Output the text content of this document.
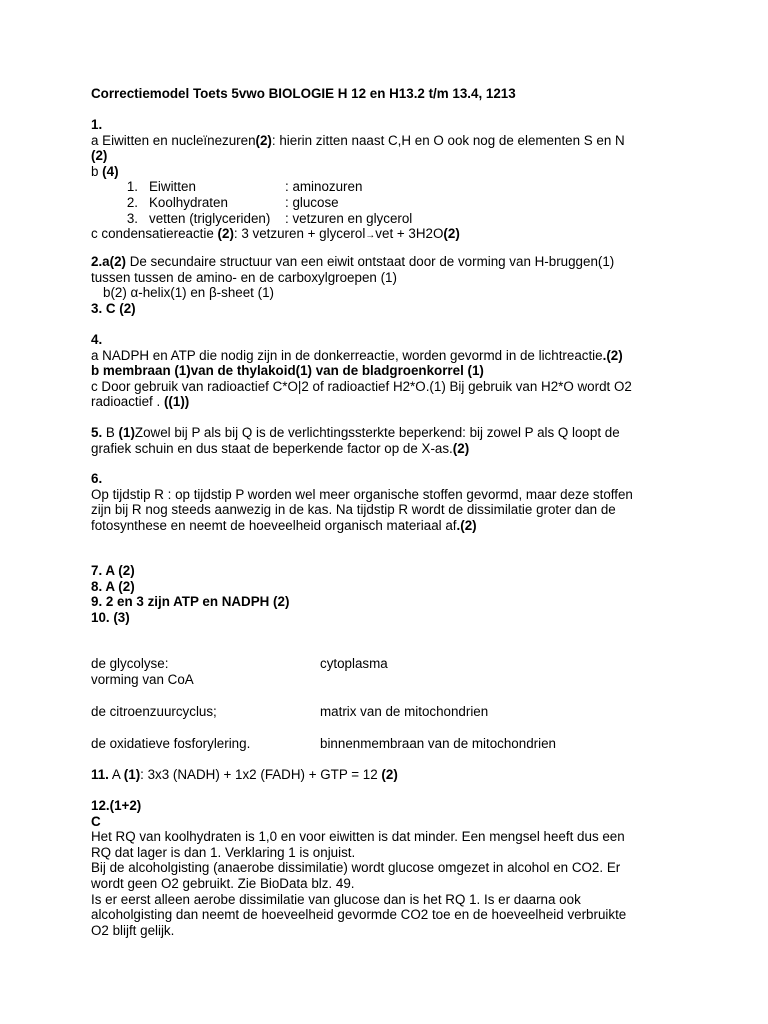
Correctiemodel Toets 5vwo BIOLOGIE H 12 en H13.2 t/m 13.4, 1213
1.
a Eiwitten en nucleïnezuren(2): hierin zitten naast C,H en O ook nog de elementen S en N
(2)
b (4)
1. Eiwitten	: aminozuren
2. Koolhydraten	: glucose
3. vetten (triglyceriden)	: vetzuren en glycerol
c condensatiereactie (2): 3 vetzuren + glycerol→vet + 3H2O(2)
2.a(2) De secundaire structuur van een eiwit ontstaat door de vorming van H-bruggen(1)
tussen tussen de amino- en de carboxylgroepen (1)
b(2) α-helix(1) en β-sheet (1)
3. C (2)
4.
a NADPH en ATP die nodig zijn in de donkerreactie, worden gevormd in de lichtreactie.(2)
b membraan (1)van de thylakoid(1) van de bladgroenkorrel (1)
c Door gebruik van radioactief C*O|2 of radioactief H2*O.(1) Bij gebruik van H2*O wordt O2
radioactief . ((1))
5. B (1)Zowel bij P als bij Q is de verlichtingssterkte beperkend: bij zowel P als Q loopt de
grafiek schuin en dus staat de beperkende factor op de X-as.(2)
6.
Op tijdstip R : op tijdstip P worden wel meer organische stoffen gevormd, maar deze stoffen
zijn bij R nog steeds aanwezig in de kas. Na tijdstip R wordt de dissimilatie groter dan de
fotosynthese en neemt de hoeveelheid organisch materiaal af.(2)
7. A (2)
8. A (2)
9. 2 en 3 zijn ATP en NADPH (2)
10. (3)
de glycolyse:	cytoplasma
vorming van CoA
de citroenzuurcyclus;	matrix van de mitochondrien
de oxidatieve fosforylering.	binnenmembraan van de mitochondrien
11. A (1): 3x3 (NADH) + 1x2 (FADH) + GTP = 12 (2)
12.(1+2)
C
Het RQ van koolhydraten is 1,0 en voor eiwitten is dat minder. Een mengsel heeft dus een
RQ dat lager is dan 1. Verklaring 1 is onjuist.
Bij de alcoholgisting (anaerobe dissimilatie) wordt glucose omgezet in alcohol en CO2. Er
wordt geen O2 gebruikt. Zie BioData blz. 49.
Is er eerst alleen aerobe dissimilatie van glucose dan is het RQ 1. Is er daarna ook
alcoholgisting dan neemt de hoeveelheid gevormde CO2 toe en de hoeveelheid verbruikte
O2 blijft gelijk.
